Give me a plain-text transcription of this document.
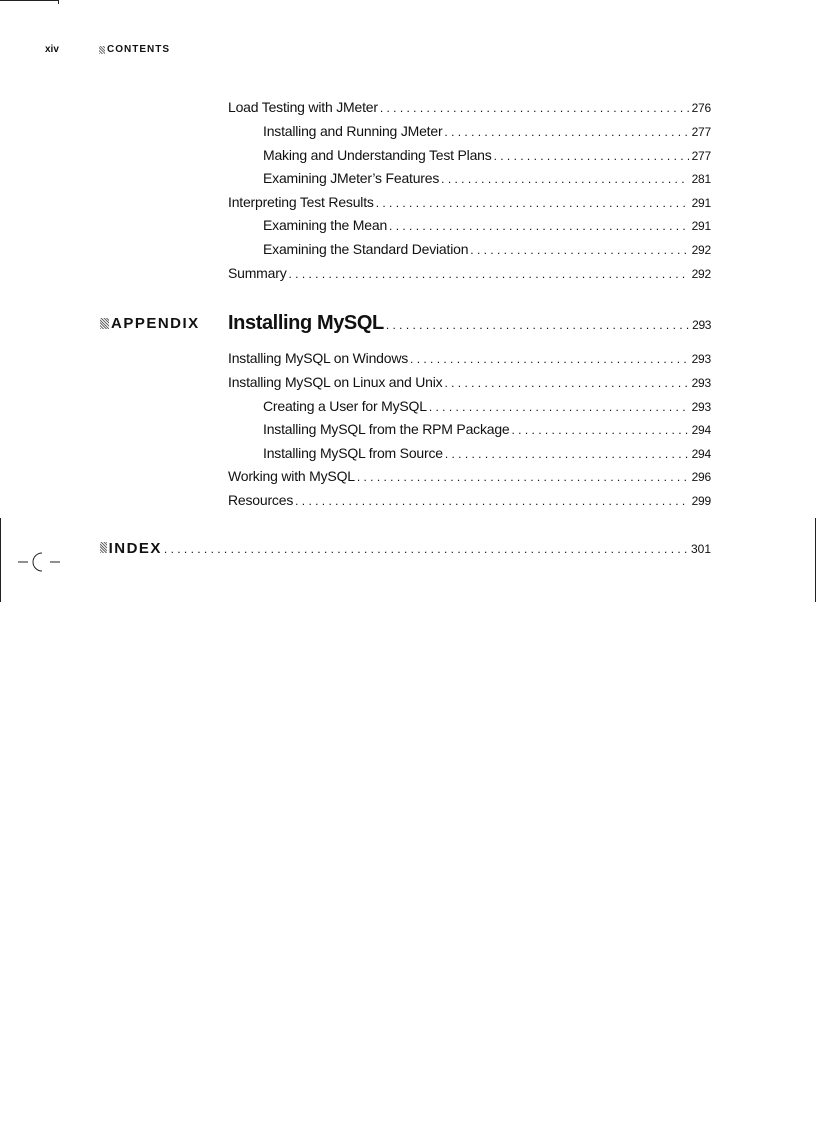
xiv	CONTENTS
Load Testing with JMeter . . .	276
Installing and Running JMeter . . .	277
Making and Understanding Test Plans . . .	277
Examining JMeter’s Features . . .	281
Interpreting Test Results . . .	291
Examining the Mean . . .	291
Examining the Standard Deviation . . .	292
Summary . . .	292
APPENDIX Installing MySQL . . .	293
Installing MySQL on Windows . . .	293
Installing MySQL on Linux and Unix . . .	293
Creating a User for MySQL . . .	293
Installing MySQL from the RPM Package . . .	294
Installing MySQL from Source . . .	294
Working with MySQL . . .	296
Resources . . .	299
INDEX . . .	301
